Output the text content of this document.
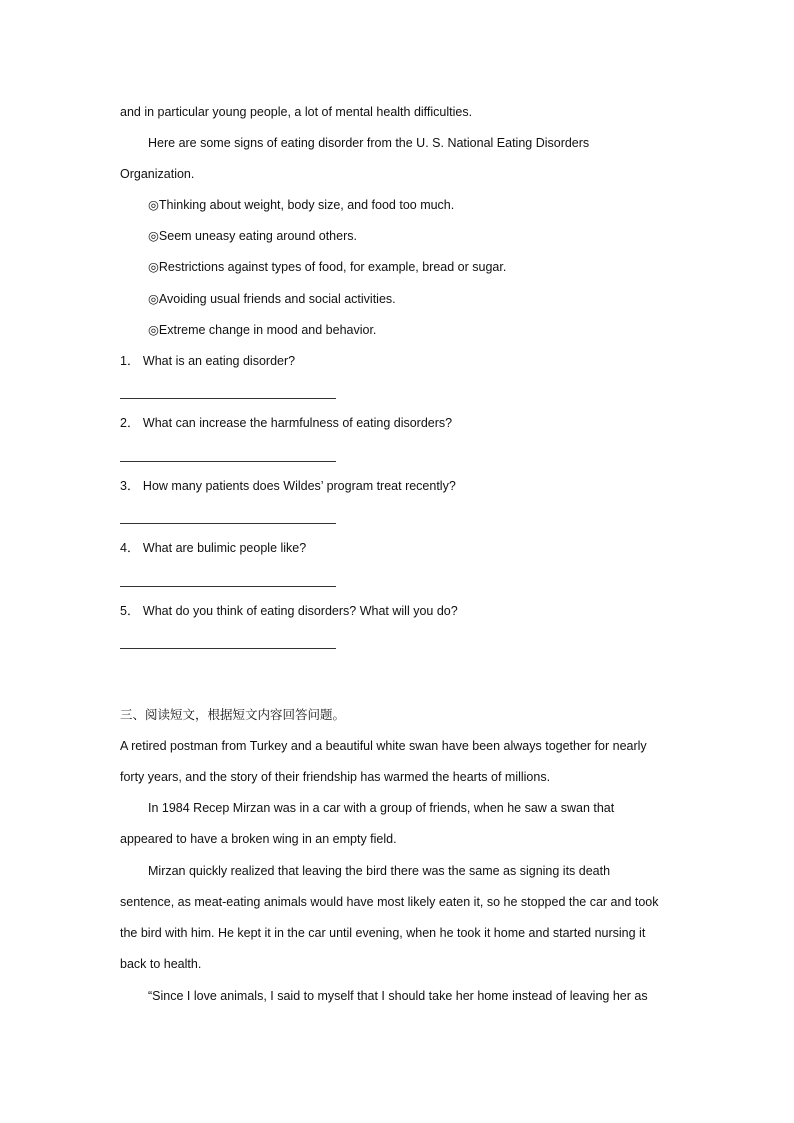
and in particular young people, a lot of mental health difficulties.
Here are some signs of eating disorder from the U. S. National Eating Disorders
Organization.
◎Thinking about weight, body size, and food too much.
◎Seem uneasy eating around others.
◎Restrictions against types of food, for example, bread or sugar.
◎Avoiding usual friends and social activities.
◎Extreme change in mood and behavior.
1． What is an eating disorder?
2． What can increase the harmfulness of eating disorders?
3． How many patients does Wildes’ program treat recently?
4． What are bulimic people like?
5． What do you think of eating disorders? What will you do?
三、阅读短文，根据短文内容回答问题。
A retired postman from Turkey and a beautiful white swan have been always together for nearly
forty years, and the story of their friendship has warmed the hearts of millions.
In 1984 Recep Mirzan was in a car with a group of friends, when he saw a swan that
appeared to have a broken wing in an empty field.
Mirzan quickly realized that leaving the bird there was the same as signing its death
sentence, as meat-eating animals would have most likely eaten it, so he stopped the car and took
the bird with him. He kept it in the car until evening, when he took it home and started nursing it
back to health.
“Since I love animals, I said to myself that I should take her home instead of leaving her as
